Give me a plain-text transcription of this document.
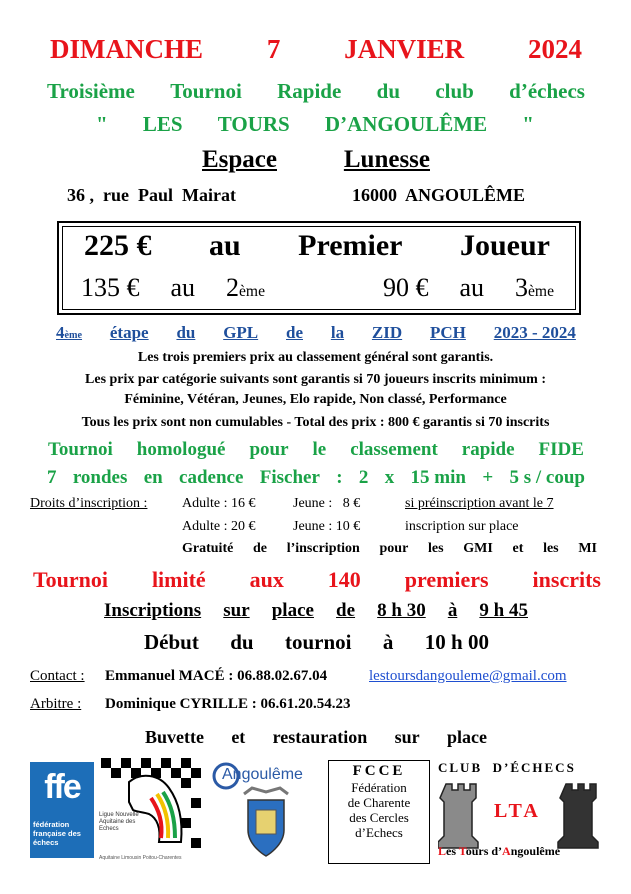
DIMANCHE 7 JANVIER 2024
Troisième Tournoi Rapide du club d’échecs
" LES TOURS D’ANGOULÊME "
Espace	Lunesse
36 ,  rue  Paul  Mairat	16000  ANGOULÊME
225 € au Premier Joueur
135 € au 2ème	90 € au 3ème
4ème étape du GPL de la ZID PCH 2023 - 2024
Les trois premiers prix au classement général sont garantis.
Les prix par catégorie suivants sont garantis si 70 joueurs inscrits minimum :
Féminine, Vétéran, Jeunes, Elo rapide, Non classé, Performance
Tous les prix sont non cumulables - Total des prix : 800 € garantis si 70 inscrits
Tournoi homologué pour le classement rapide FIDE
7 rondes en cadence Fischer : 2 x 15 min + 5 s / coup
Droits d’inscription : Adulte : 16 €	Jeune :   8 €	si préinscription avant le 7
Adulte : 20 €	Jeune : 10 €	inscription sur place
Gratuité de l’inscription pour les GMI et les MI
Tournoi limité aux 140 premiers inscrits
Inscriptions sur place de 8 h 30 à 9 h 45
Début du tournoi à 10 h 00
Contact : Emmanuel MACÉ : 06.88.02.67.04	lestoursdangouleme@gmail.com
Arbitre : Dominique CYRILLE : 06.61.20.54.23
Buvette et restauration sur place
ffe
fédération française des échecs
Ligue Nouvelle Aquitaine des Echecs
Aquitaine Limousin Poitou-Charentes
Angoulême	FCCE
Fédération
de Charente
des Cercles
d’Echecs
CLUB  D’ÉCHECS
LTA
Les Tours d’Angoulême
